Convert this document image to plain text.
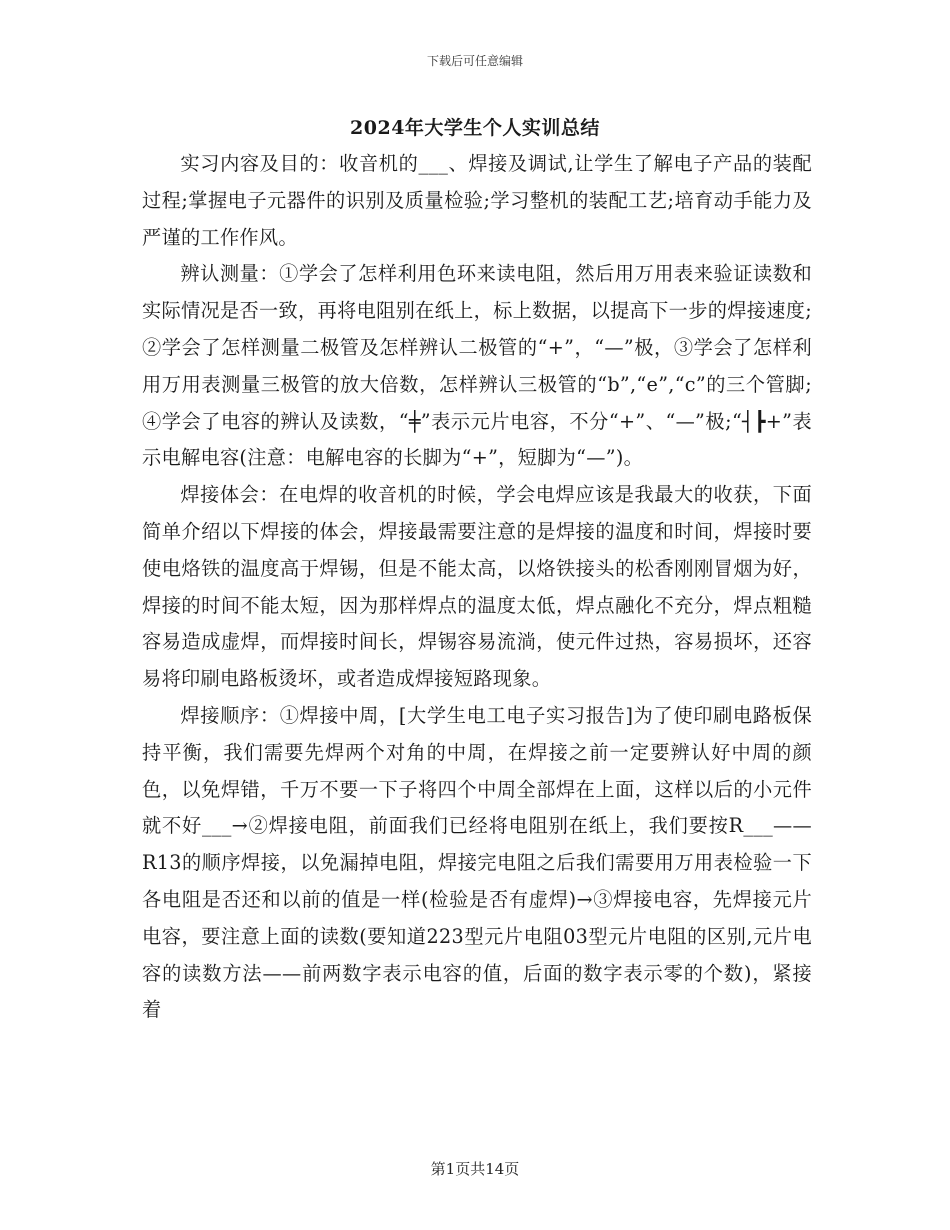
下载后可任意编辑
2024年大学生个人实训总结

实习内容及目的：收音机的___、焊接及调试,让学生了解电子产品的装配过程;掌握电子元器件的识别及质量检验;学习整机的装配工艺;培育动手能力及严谨的工作作风。

辨认测量：①学会了怎样利用色环来读电阻，然后用万用表来验证读数和实际情况是否一致，再将电阻别在纸上，标上数据，以提高下一步的焊接速度;②学会了怎样测量二极管及怎样辨认二极管的“+”，“—”极，③学会了怎样利用万用表测量三极管的放大倍数，怎样辨认三极管的“b”,“e”,“c”的三个管脚;④学会了电容的辨认及读数，“╪”表示元片电容，不分“+”、“—”极;“┤┣+”表示电解电容(注意：电解电容的长脚为“+”，短脚为“—”)。

焊接体会：在电焊的收音机的时候，学会电焊应该是我最大的收获，下面简单介绍以下焊接的体会，焊接最需要注意的是焊接的温度和时间，焊接时要使电烙铁的温度高于焊锡，但是不能太高，以烙铁接头的松香刚刚冒烟为好，焊接的时间不能太短，因为那样焊点的温度太低，焊点融化不充分，焊点粗糙容易造成虚焊，而焊接时间长，焊锡容易流淌，使元件过热，容易损坏，还容易将印刷电路板烫坏，或者造成焊接短路现象。

焊接顺序：①焊接中周，[大学生电工电子实习报告]为了使印刷电路板保持平衡，我们需要先焊两个对角的中周，在焊接之前一定要辨认好中周的颜色，以免焊错，千万不要一下子将四个中周全部焊在上面，这样以后的小元件就不好___→②焊接电阻，前面我们已经将电阻别在纸上，我们要按R___——R13的顺序焊接，以免漏掉电阻，焊接完电阻之后我们需要用万用表检验一下各电阻是否还和以前的值是一样(检验是否有虚焊)→③焊接电容，先焊接元片电容，要注意上面的读数(要知道223型元片电阻03型元片电阻的区别,元片电容的读数方法——前两数字表示电容的值，后面的数字表示零的个数)，紧接着

第1页共14页
